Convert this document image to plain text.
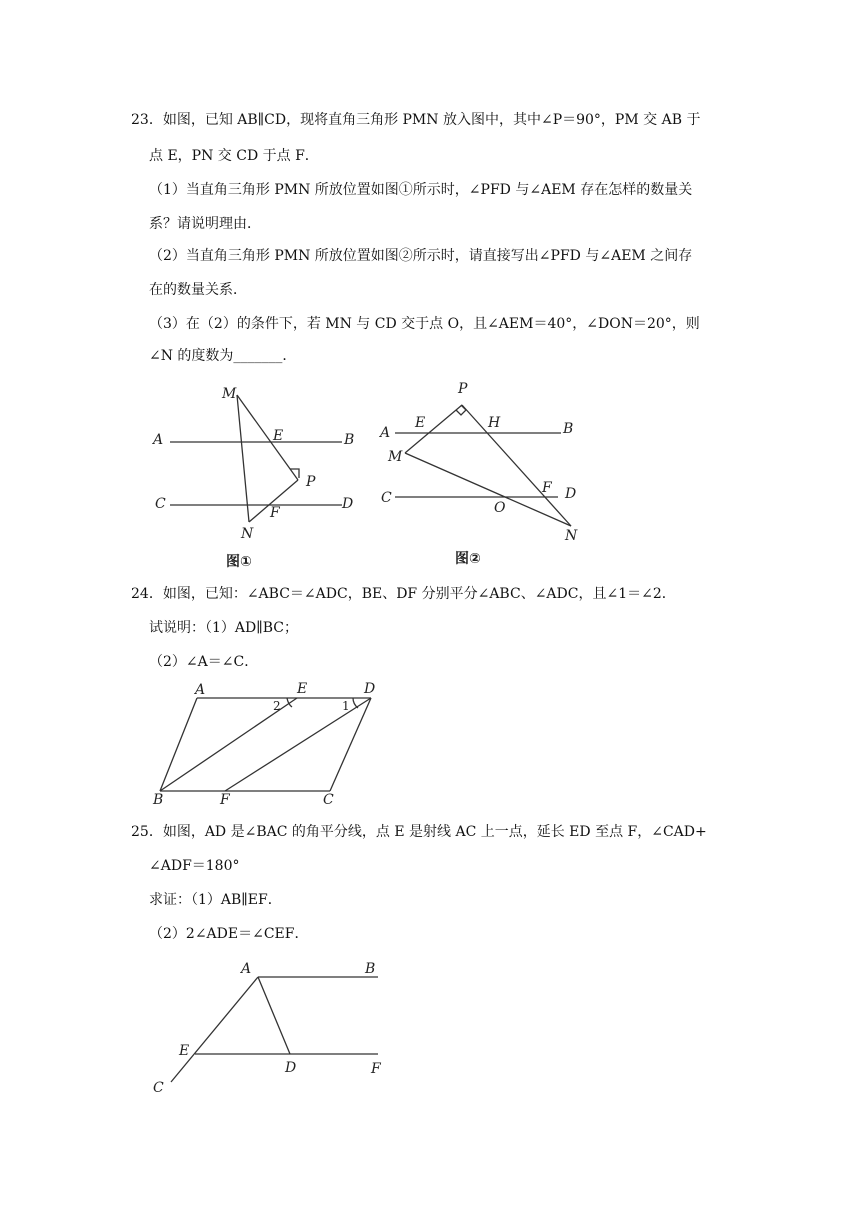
23．如图，已知 AB∥CD，现将直角三角形 PMN 放入图中，其中∠P＝90°，PM 交 AB 于
点 E，PN 交 CD 于点 F．
（1）当直角三角形 PMN 所放位置如图①所示时，∠PFD 与∠AEM 存在怎样的数量关
系？请说明理由．
（2）当直角三角形 PMN 所放位置如图②所示时，请直接写出∠PFD 与∠AEM 之间存
在的数量关系．
（3）在（2）的条件下，若 MN 与 CD 交于点 O，且∠AEM＝40°，∠DON＝20°，则
∠N 的度数为_______．
M
E
A	B
P
C	D
F
N
图①
P
E	H
A	B
M
C
F D
O
N
图②
24．如图，已知：∠ABC＝∠ADC，BE、DF 分别平分∠ABC、∠ADC，且∠1＝∠2．
试说明：（1）AD∥BC；
（2）∠A＝∠C．
A	E	D
2	1
B	F	C
25．如图，AD 是∠BAC 的角平分线，点 E 是射线 AC 上一点，延长 ED 至点 F，∠CAD+
∠ADF＝180°
求证：（1）AB∥EF．
（2）2∠ADE＝∠CEF．
A	B
E
D	F
C
